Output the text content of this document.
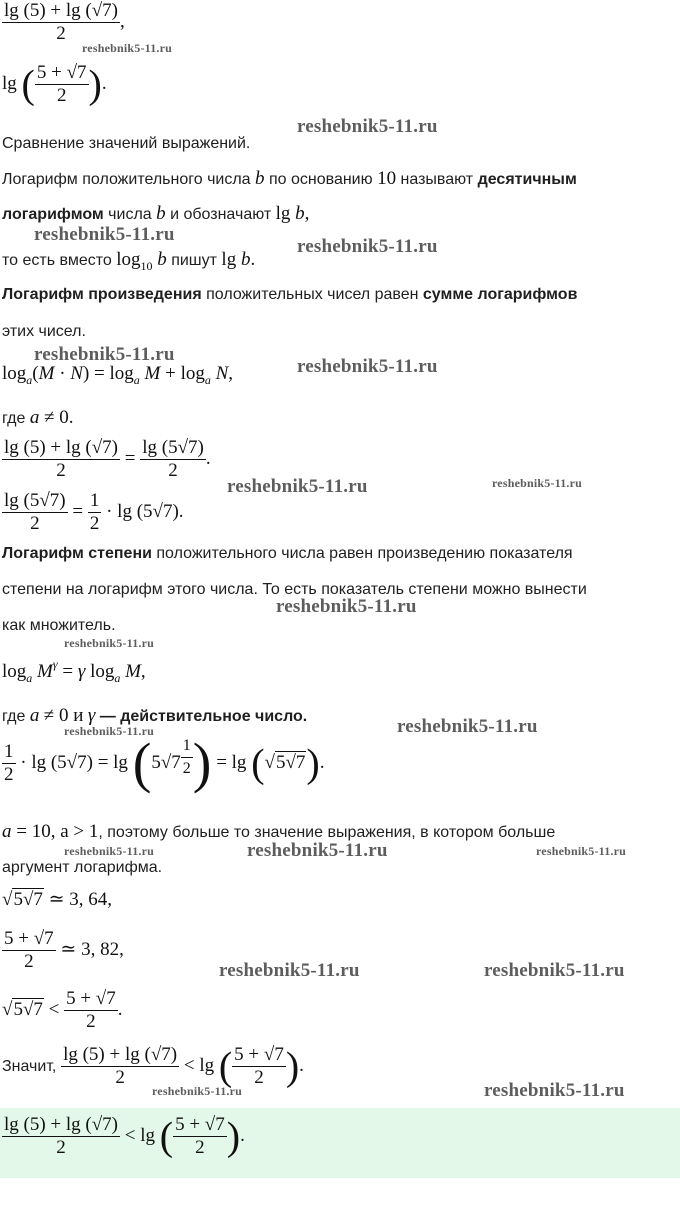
$\frac{\lg (5) + \lg (√7)}{2}$ ,
lg ( $\frac{5 + √7}{2}$ ).
Сравнение значений выражений.
Логарифм положительного числа b по основанию 10 называют десятичным
логарифмом числа b и обозначают lg b,
то есть вместо $\log_{10} b$ пишут lg b.
Логарифм произведения положительных чисел равен сумме логарифмов
этих чисел.
$\log_a(M \cdot N) = \log_a M + \log_a N$,
где a ≠ 0.
$\frac{\lg (5) + \lg (√7)}{2} = \frac{\lg (5√7)}{2}$ .
$\frac{\lg (5√7)}{2} = \frac{1}{2} \cdot \lg (5√7)$.
Логарифм степени положительного числа равен произведению показателя
степени на логарифм этого числа. То есть показатель степени можно вынести
как множитель.
$\log_a M^\gamma = \gamma$ $\log_a M$,
где a ≠ 0 и γ — действительное число.
$\frac{1}{2} \cdot \lg (5√7) = \lg (5√7 \frac{1}{2}$ ) = lg (√5√7).
a = 10, a > 1, поэтому больше то значение выражения, в котором больше
аргумент логарифма.
√5√7 ≃ 3, 64,
$\frac{5 + √7}{2}$ ≃ 3, 82,
$√5√7 < \frac{5 + √7}{2}$ .
Значит, $\frac{\lg (5) + \lg (√7)}{2} < \lg$ ( $\frac{5 + √7}{2}$ ).
$\frac{\lg (5) + \lg (√7)}{2} < \lg$ ( $\frac{5 + √7}{2}$ ).
reshebnik5-11.ru
reshebnik5-11.ru
reshebnik5-11.ru
reshebnik5-11.ru
reshebnik5-11.ru
reshebnik5-11.ru
reshebnik5-11.ru	reshebnik5-11.ru
reshebnik5-11.ru
reshebnik5-11.ru
reshebnik5-11.ru
reshebnik5-11.ru
reshebnik5-11.ru	reshebnik5-11.ru	reshebnik5-11.ru
reshebnik5-11.ru	reshebnik5-11.ru
reshebnik5-11.ru	reshebnik5-11.ru
